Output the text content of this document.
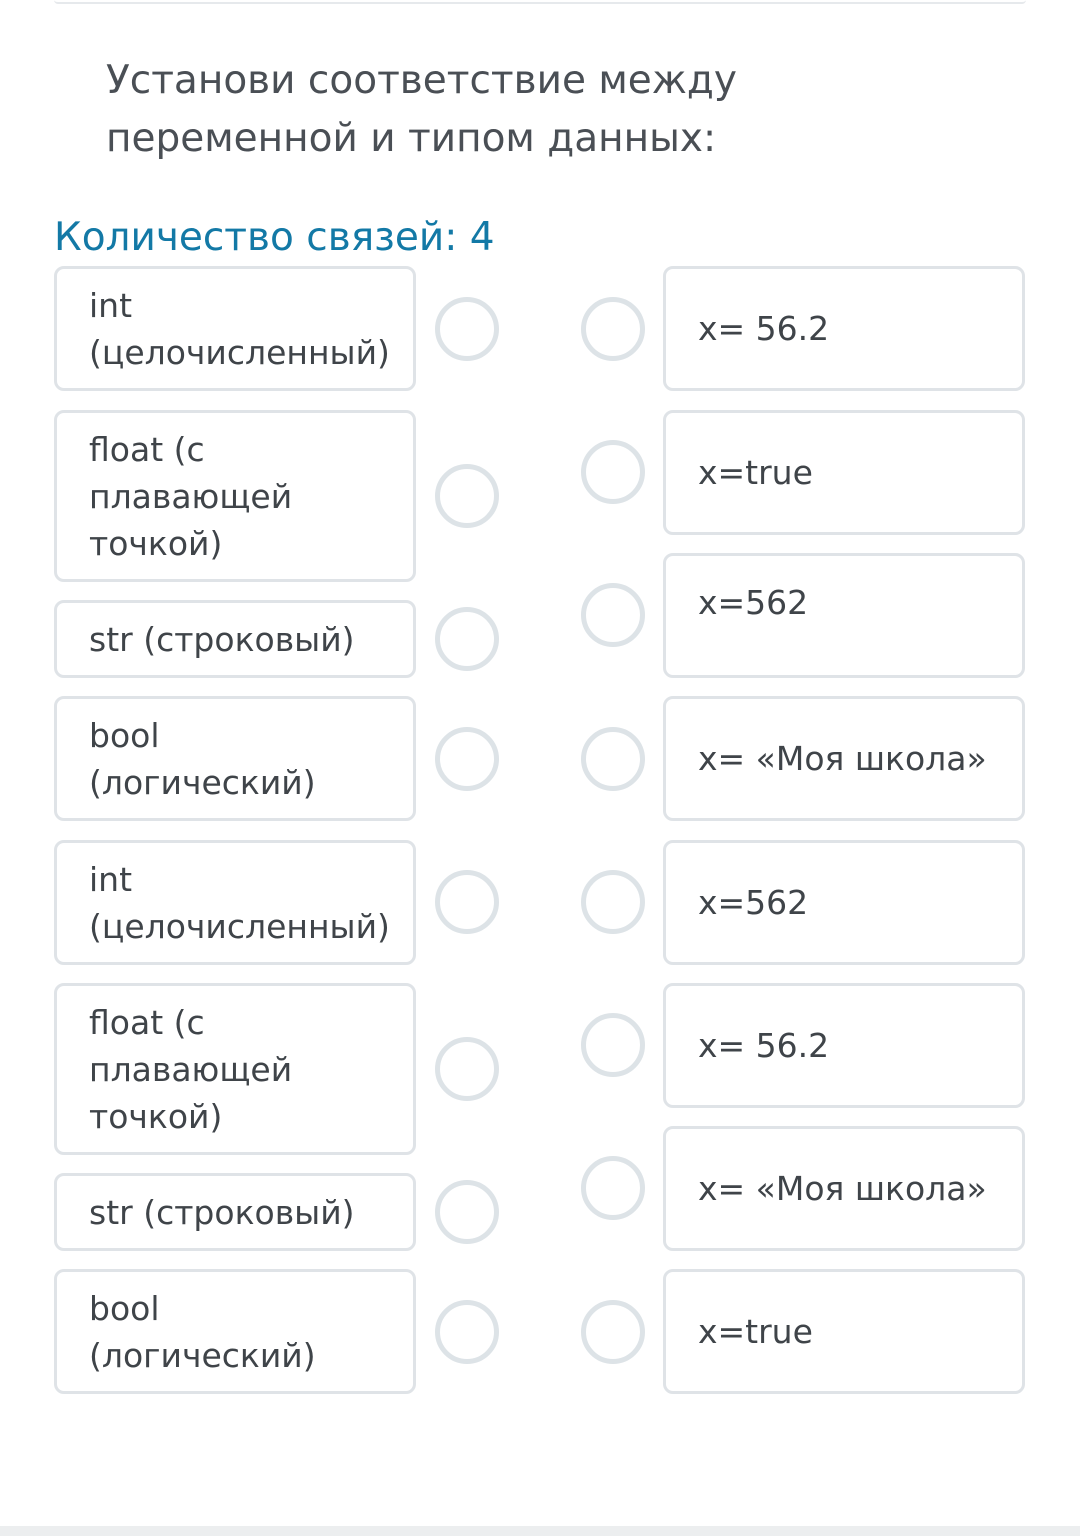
Установи соответствие между переменной и типом данных:
Количество связей: 4
int (целочисленный)
float (с плавающей точкой)
str (строковый)
bool (логический)
int (целочисленный)
float (с плавающей точкой)
str (строковый)
bool (логический)
x= 56.2
x=true
x=562
x= «Моя школа»
x=562
x= 56.2
x= «Моя школа»
x=true
